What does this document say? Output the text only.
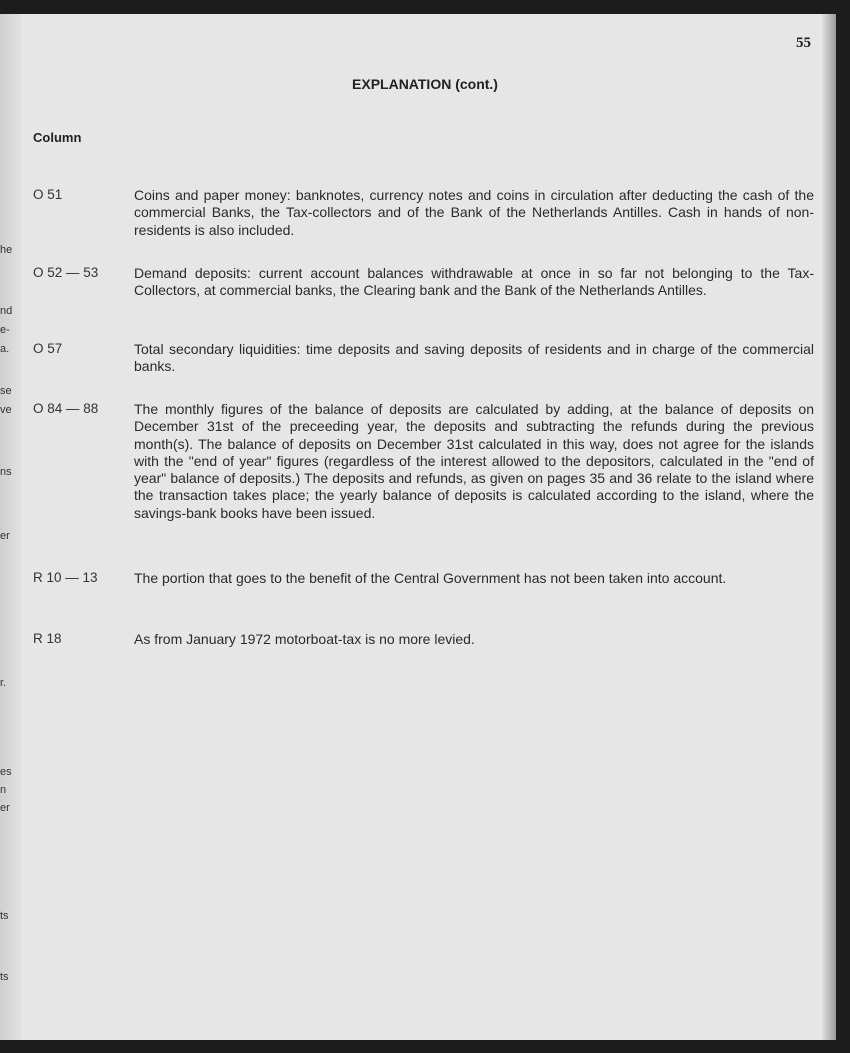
he
nd
e-
a.
se
ve
ns
er
r.
es
n
er
ts
ts
55
EXPLANATION (cont.)
Column
O 51	Coins and paper money: banknotes, currency notes and coins in circulation after deducting the cash of the commercial Banks, the Tax-collectors and of the Bank of the Netherlands Antilles. Cash in hands of non-residents is also included.
O 52 — 53	Demand deposits: current account balances withdrawable at once in so far not belonging to the Tax-Collectors, at commercial banks, the Clearing bank and the Bank of the Netherlands Antilles.
O 57	Total secondary liquidities: time deposits and saving deposits of residents and in charge of the commercial banks.
O 84 — 88	The monthly figures of the balance of deposits are calculated by adding, at the balance of deposits on December 31st of the preceeding year, the deposits and subtracting the refunds during the previous month(s). The balance of deposits on December 31st calculated in this way, does not agree for the islands with the "end of year" figures (regardless of the interest allowed to the depositors, calculated in the "end of year" balance of deposits.) The deposits and refunds, as given on pages 35 and 36 relate to the island where the transaction takes place; the yearly balance of deposits is calculated according to the island, where the savings-bank books have been issued.
R 10 — 13	The portion that goes to the benefit of the Central Government has not been taken into account.
R 18	As from January 1972 motorboat-tax is no more levied.
